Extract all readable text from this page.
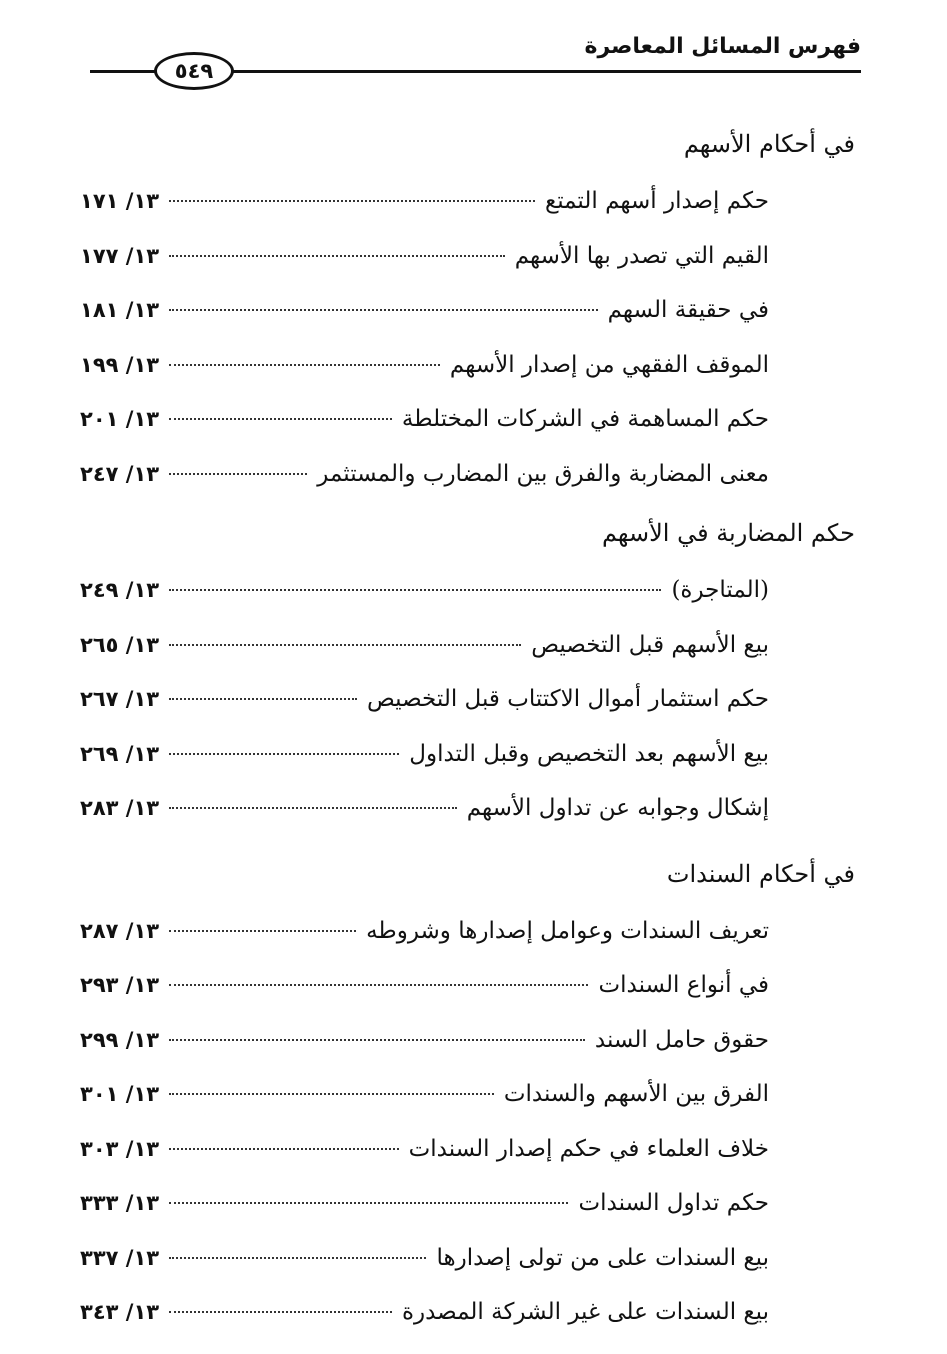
فهرس المسائل المعاصرة
٥٤٩
في أحكام الأسهم
حكم إصدار أسهم التمتع
١٣/ ١٧١
القيم التي تصدر بها الأسهم
١٣/ ١٧٧
في حقيقة السهم
١٣/ ١٨١
الموقف الفقهي من إصدار الأسهم
١٣/ ١٩٩
حكم المساهمة في الشركات المختلطة
١٣/ ٢٠١
معنى المضاربة والفرق بين المضارب والمستثمر
١٣/ ٢٤٧
حكم المضاربة في الأسهم
(المتاجرة)
١٣/ ٢٤٩
بيع الأسهم قبل التخصيص
١٣/ ٢٦٥
حكم استثمار أموال الاكتتاب قبل التخصيص
١٣/ ٢٦٧
بيع الأسهم بعد التخصيص وقبل التداول
١٣/ ٢٦٩
إشكال وجوابه عن تداول الأسهم
١٣/ ٢٨٣
في أحكام السندات
تعريف السندات وعوامل إصدارها وشروطه
١٣/ ٢٨٧
في أنواع السندات
١٣/ ٢٩٣
حقوق حامل السند
١٣/ ٢٩٩
الفرق بين الأسهم والسندات
١٣/ ٣٠١
خلاف العلماء في حكم إصدار السندات
١٣/ ٣٠٣
حكم تداول السندات
١٣/ ٣٣٣
بيع السندات على من تولى إصدارها
١٣/ ٣٣٧
بيع السندات على غير الشركة المصدرة
١٣/ ٣٤٣
